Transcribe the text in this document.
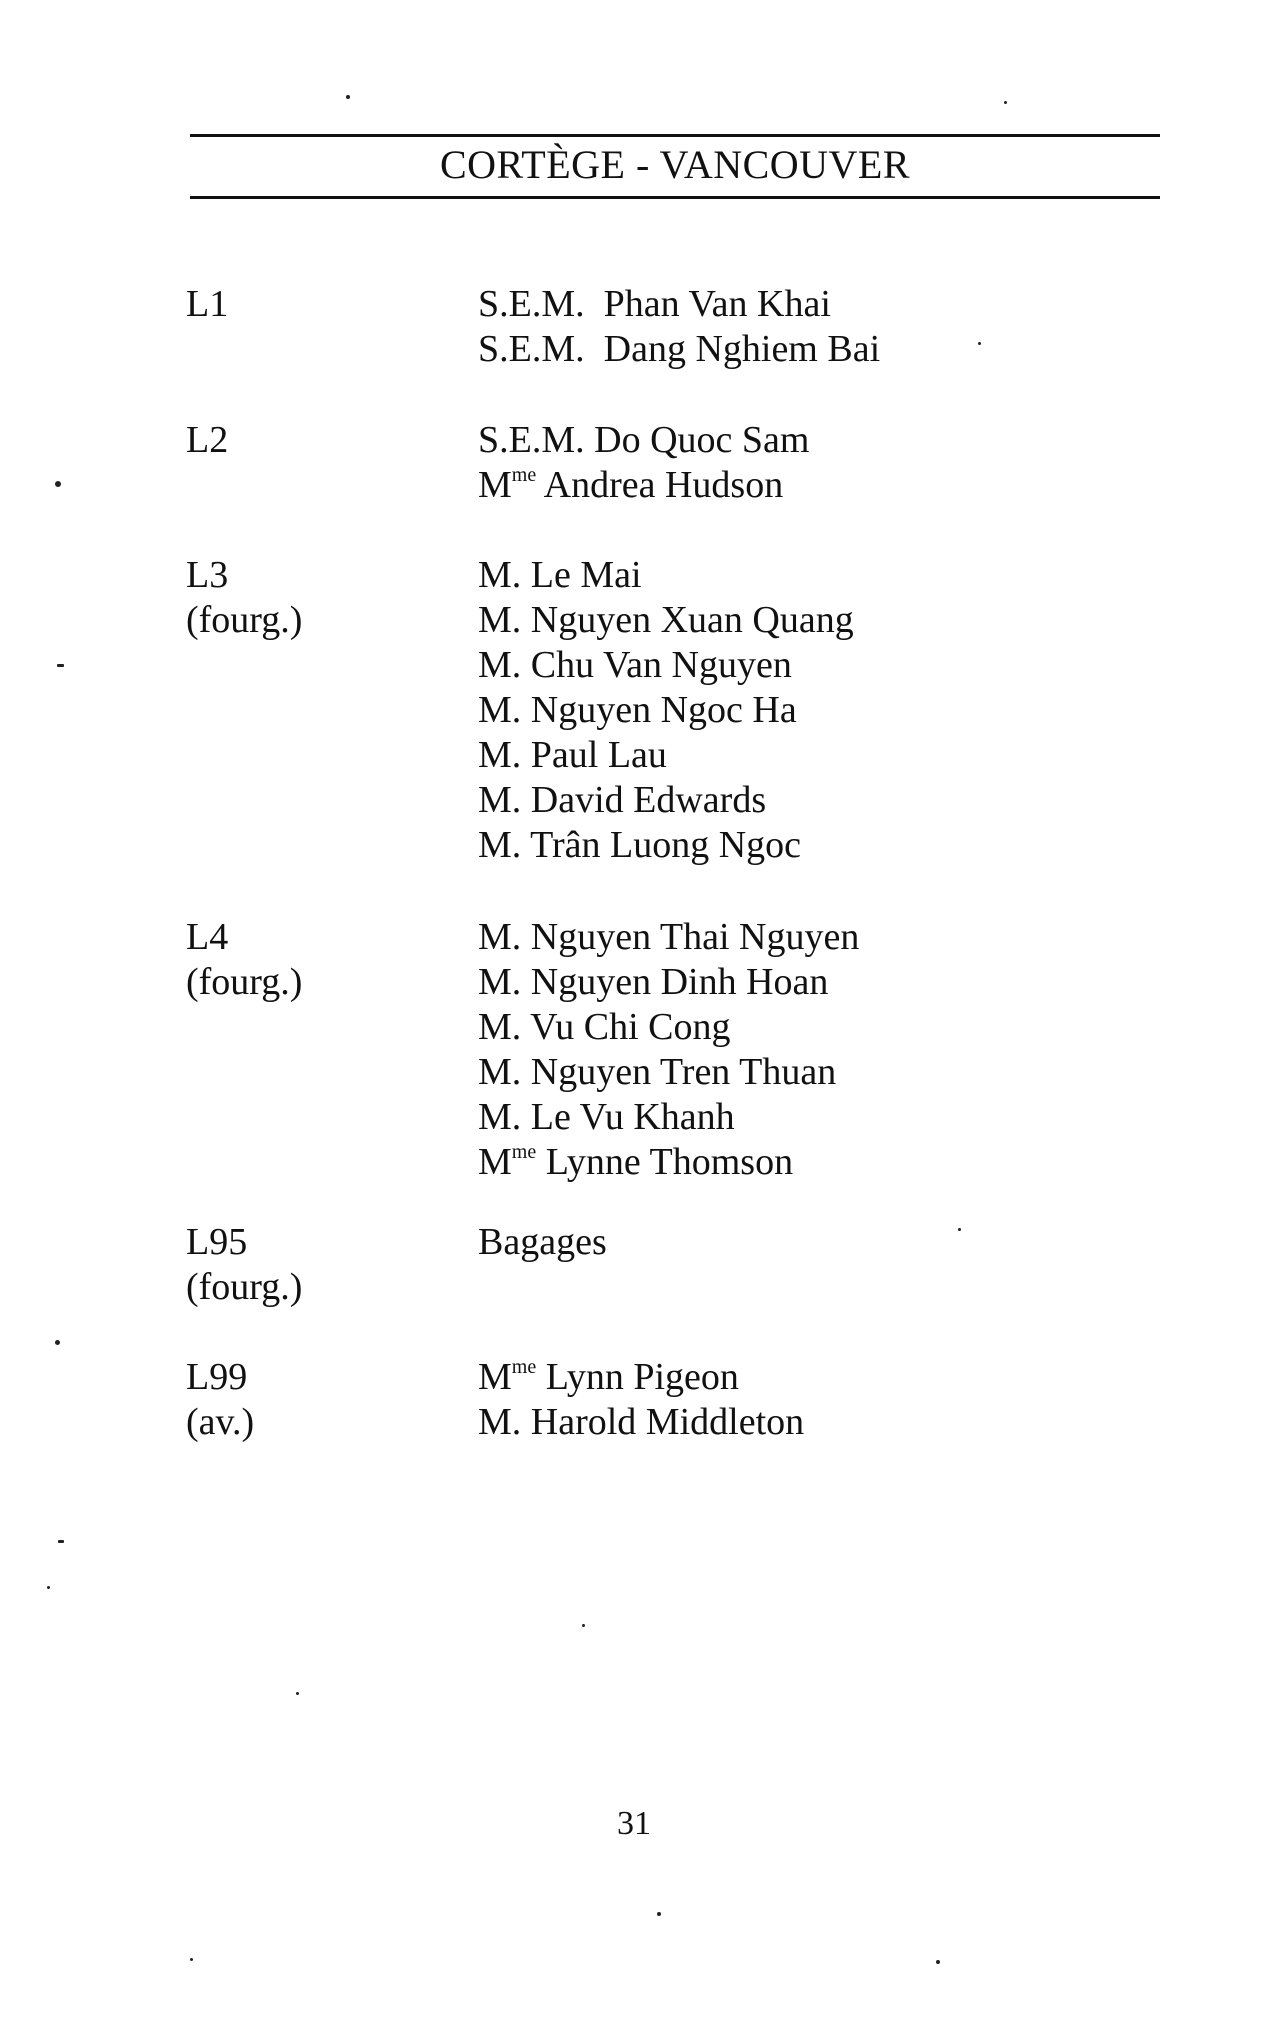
CORTÈGE - VANCOUVER
L1	S.E.M.  Phan Van Khai
S.E.M.  Dang Nghiem Bai
L2	S.E.M. Do Quoc Sam
$M^{me}$ Andrea Hudson
L3
(fourg.)
M. Le Mai
M. Nguyen Xuan Quang
M. Chu Van Nguyen
M. Nguyen Ngoc Ha
M. Paul Lau
M. David Edwards
M. Trân Luong Ngoc
L4
(fourg.)
M. Nguyen Thai Nguyen
M. Nguyen Dinh Hoan
M. Vu Chi Cong
M. Nguyen Tren Thuan
M. Le Vu Khanh
$M^{me}$ Lynne Thomson
L95
(fourg.)
Bagages
L99
(av.)
$M^{me}$ Lynn Pigeon
M. Harold Middleton
31
